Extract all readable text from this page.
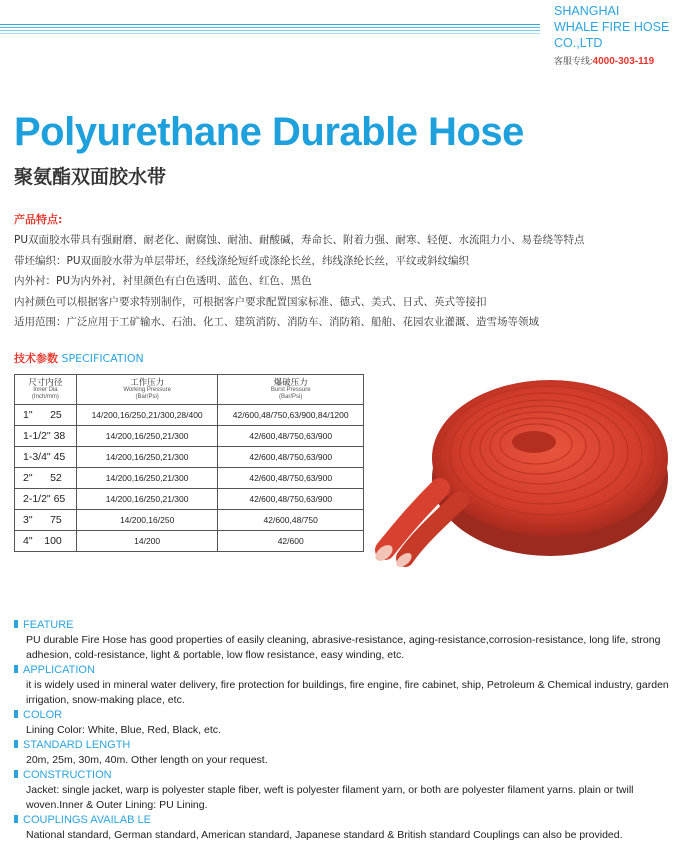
SHANGHAI
WHALE FIRE HOSE
CO.,LTD
客服专线:4000-303-119
Polyurethane Durable Hose
聚氨酯双面胶水带
产品特点:
PU双面胶水带具有强耐磨、耐老化、耐腐蚀、耐油、耐酸碱，寿命长、附着力强、耐寒、轻便、水流阻力小、易卷绕等特点
带坯编织：PU双面胶水带为单层带坯，经线涤纶短纤或涤纶长丝，纬线涤纶长丝，平纹或斜纹编织
内外衬：PU为内外衬，衬里颜色有白色透明、蓝色、红色、黑色
内衬颜色可以根据客户要求特别制作，可根据客户要求配置国家标准、德式、美式、日式、英式等接扣
适用范围：广泛应用于工矿输水、石油、化工、建筑消防、消防车、消防箱、船舶、花园农业灌溉、造雪场等领域
技术参数 SPECIFICATION
尺寸内径
Inner Dia
(Inch/mm)	工作压力
Working Pressure
(Bar/Psi)	爆破压力
Burst Pressure
(Bar/Psi)

1"      25	14/200,16/250,21/300,28/400	42/600,48/750,63/900,84/1200
1-1/2" 38	14/200,16/250,21/300	42/600,48/750,63/900
1-3/4" 45	14/200,16/250,21/300	42/600,48/750,63/900
2"      52	14/200,16/250,21/300	42/600,48/750,63/900
2-1/2" 65	14/200,16/250,21/300	42/600,48/750,63/900
3"      75	14/200,16/250	42/600,48/750
4"    100	14/200	42/600
FEATURE
PU durable Fire Hose has good properties of easily cleaning, abrasive-resistance, aging-resistance,corrosion-resistance, long life, strong adhesion, cold-resistance, light & portable, low flow resistance, easy winding, etc.
APPLICATION
it is widely used in mineral water delivery, fire protection for buildings, fire engine, fire cabinet, ship, Petroleum & Chemical industry, garden irrigation, snow-making place, etc.
COLOR
Lining Color: White, Blue, Red, Black, etc.
STANDARD LENGTH
20m, 25m, 30m, 40m. Other length on your request.
CONSTRUCTION
Jacket: single jacket, warp is polyester staple fiber, weft is polyester filament yarn, or both are polyester filament yarns. plain or twill woven.Inner & Outer Lining: PU Lining.
COUPLINGS AVAILAB LE
National standard, German standard, American standard, Japanese standard & British standard Couplings can also be provided.
